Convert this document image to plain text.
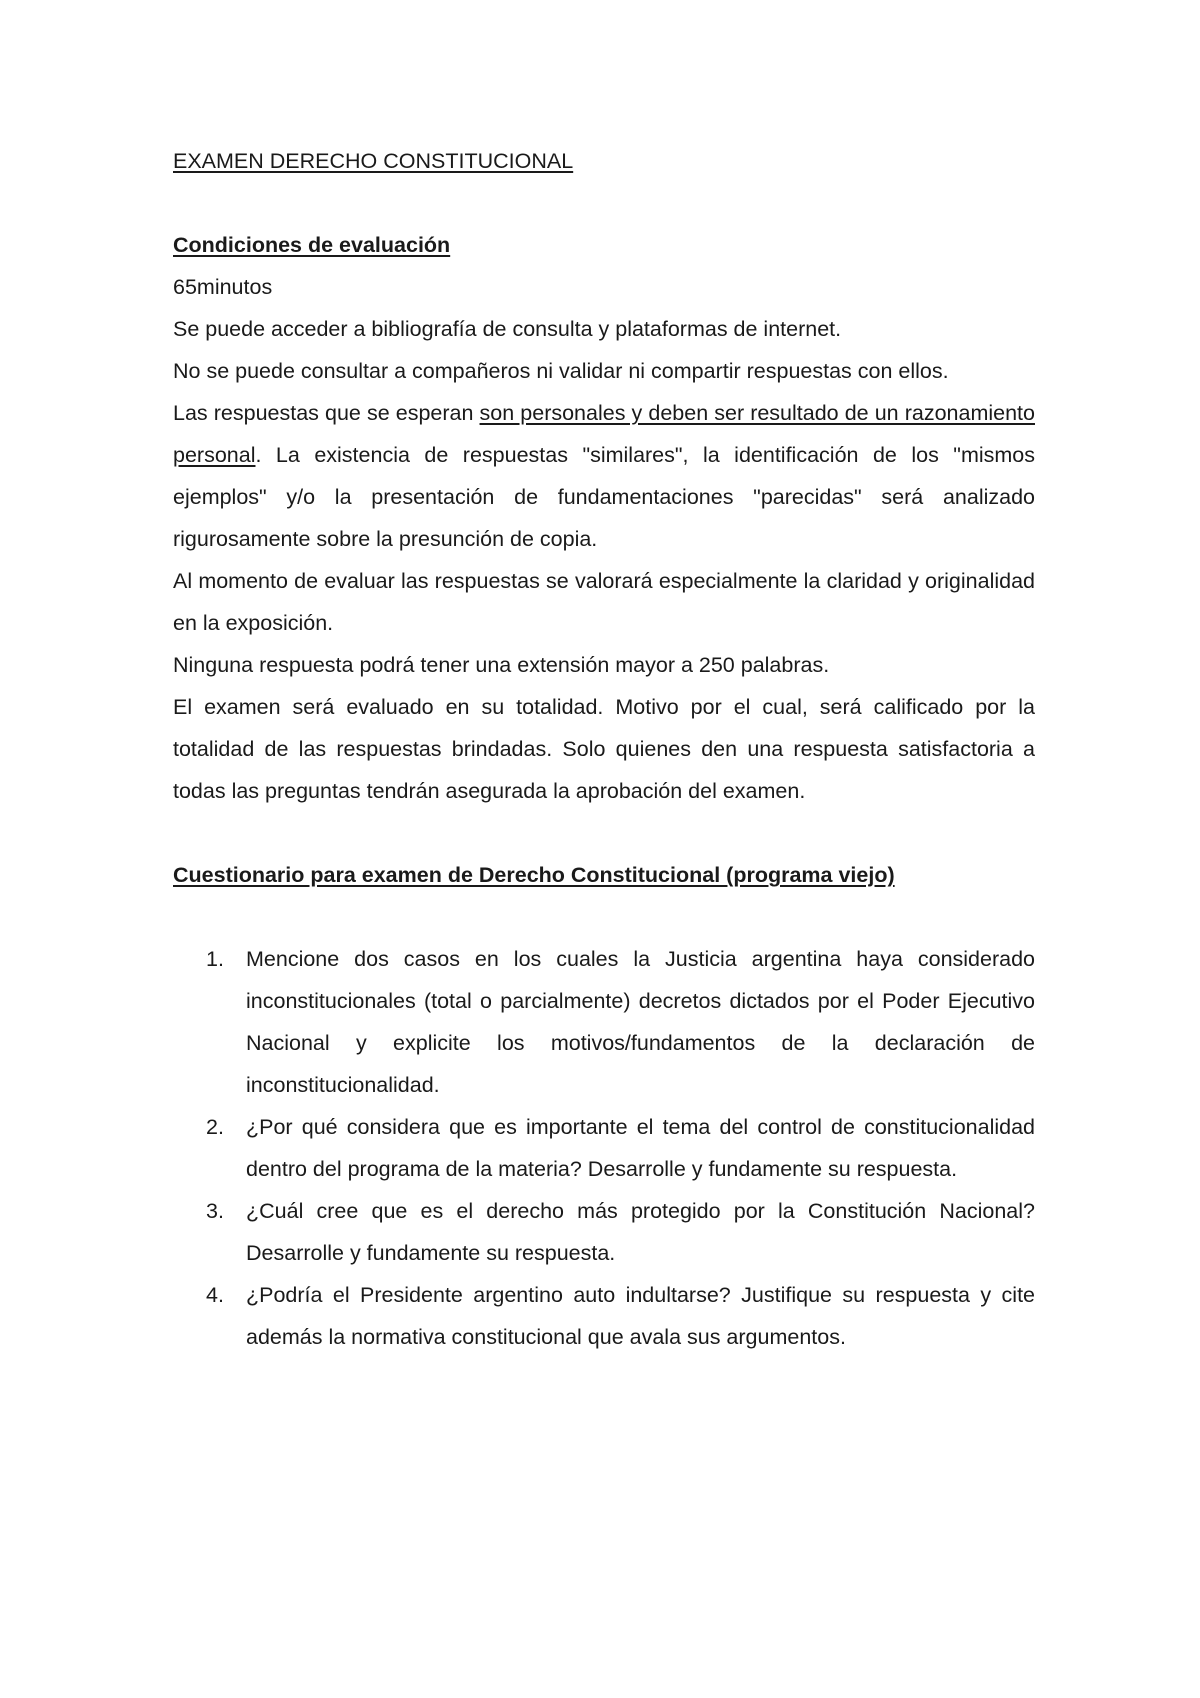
EXAMEN DERECHO CONSTITUCIONAL
Condiciones de evaluación

65minutos

Se puede acceder a bibliografía de consulta y plataformas de internet.

No se puede consultar a compañeros ni validar ni compartir respuestas con ellos.

Las respuestas que se esperan son personales y deben ser resultado de un razonamiento personal. La existencia de respuestas "similares", la identificación de los "mismos ejemplos" y/o la presentación de fundamentaciones "parecidas" será analizado rigurosamente sobre la presunción de copia.

Al momento de evaluar las respuestas se valorará especialmente la claridad y originalidad en la exposición.

Ninguna respuesta podrá tener una extensión mayor a 250 palabras.

El examen será evaluado en su totalidad. Motivo por el cual, será calificado por la totalidad de las respuestas brindadas. Solo quienes den una respuesta satisfactoria a todas las preguntas tendrán asegurada la aprobación del examen.

Cuestionario para examen de Derecho Constitucional (programa viejo)
1. Mencione dos casos en los cuales la Justicia argentina haya considerado inconstitucionales (total o parcialmente) decretos dictados por el Poder Ejecutivo Nacional y explicite los motivos/fundamentos de la declaración de inconstitucionalidad.
2. ¿Por qué considera que es importante el tema del control de constitucionalidad dentro del programa de la materia? Desarrolle y fundamente su respuesta.
3. ¿Cuál cree que es el derecho más protegido por la Constitución Nacional? Desarrolle y fundamente su respuesta.
4. ¿Podría el Presidente argentino auto indultarse? Justifique su respuesta y cite además la normativa constitucional que avala sus argumentos.
